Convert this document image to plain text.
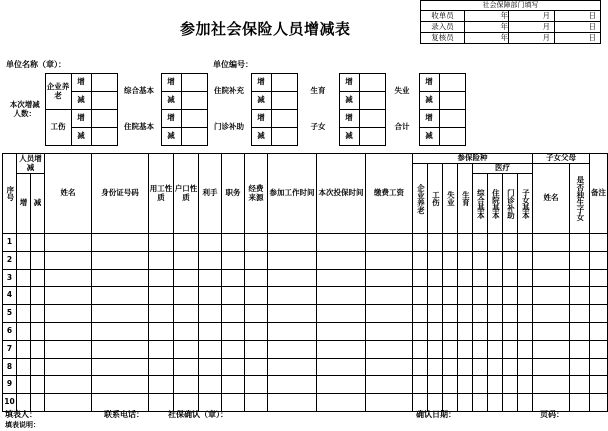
参加社会保险人员增减表
社会保障部门填写			
收单员	年	月	日
录入员	年	月	日
复核员	年	月	日
单位名称（章）：	单位编号：
本次增减人数：	企业养老	增		综合基本	增		住院补充	增		生育	增		失业	增	
		减			减			减			减			减	
	工伤	增		住院基本	增		门诊补助	增		子女	增		合计	增	
		减			减			减			减			减	
序号	人员增减		姓名	身份证号码	用工性质	户口性质	利手	职务	经费来源	参加工作时间	本次投保时间	缴费工资	参保险种								子女父母		备注
													企业养老	工伤	失业	生育	医疗				姓名	是否独生子女	
	增	减															综合基本	住院基本	门诊补助	子女基本			

1																							
2																							
3																							
4																							
5																							
6																							
7																							
8																							
9																							
10																							
填表人：	联系电话：	社保确认（章）：	确认日期：	页码：
填表说明：
